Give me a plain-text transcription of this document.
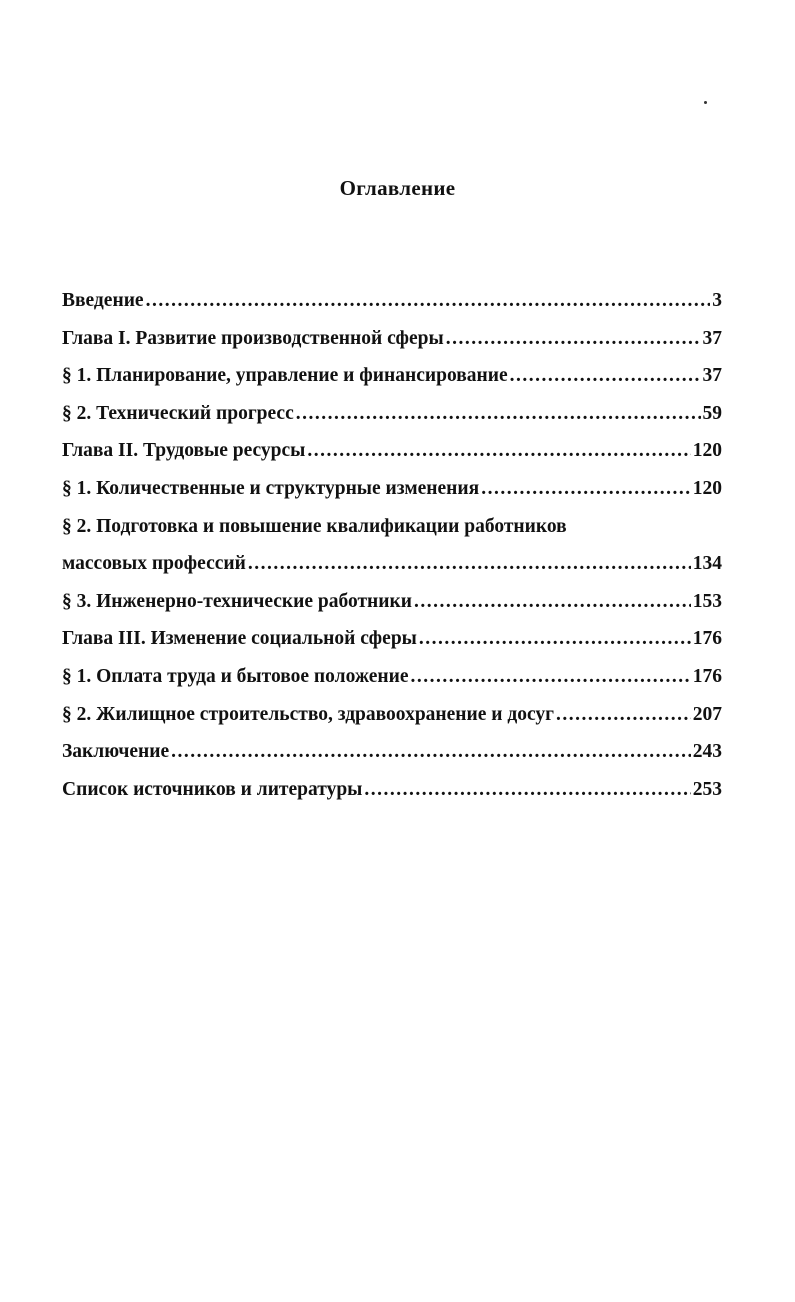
Оглавление
Введение .....	3
Глава I. Развитие производственной сферы .....	37
§ 1. Планирование, управление и финансирование .....	37
§ 2. Технический прогресс .....	59
Глава II. Трудовые ресурсы .....	120
§ 1. Количественные и структурные изменения .....	120
§ 2. Подготовка и повышение квалификации работников
массовых профессий .....	134
§ 3. Инженерно-технические работники .....	153
Глава III. Изменение социальной сферы .....	176
§ 1. Оплата труда и бытовое положение .....	176
§ 2. Жилищное строительство, здравоохранение и досуг .....	207
Заключение .....	243
Список источников и литературы .....	253
